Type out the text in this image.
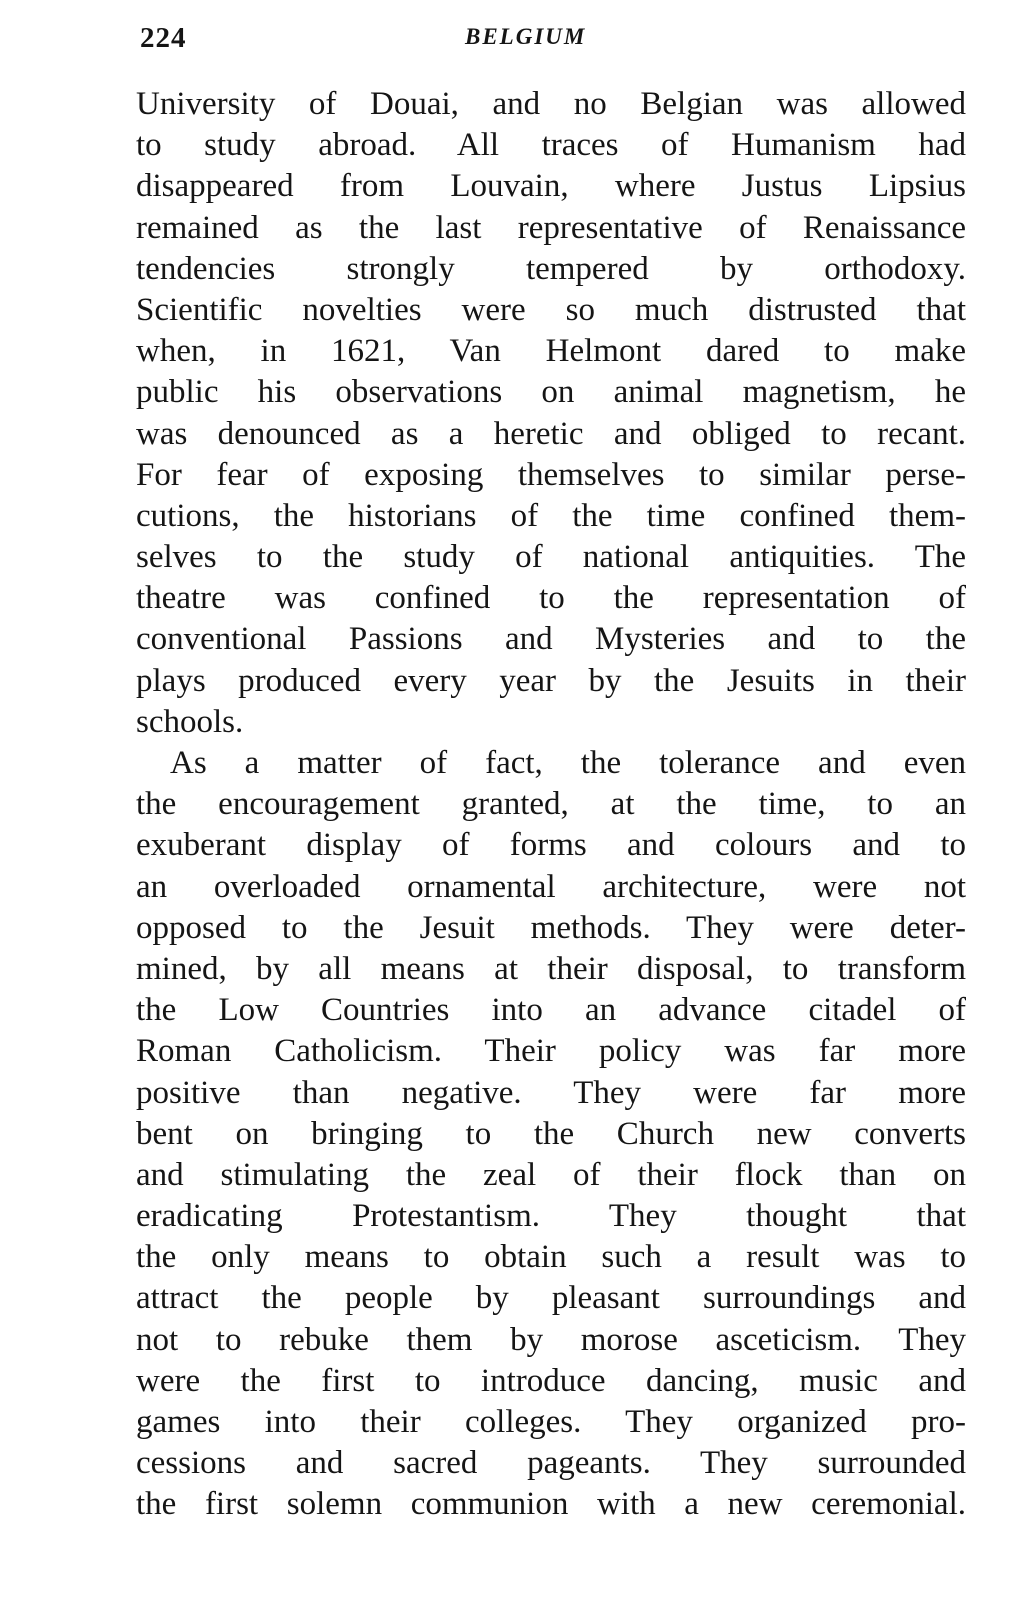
224	BELGIUM
University of Douai, and no Belgian was allowed
to study abroad. All traces of Humanism had
disappeared from Louvain, where Justus Lipsius
remained as the last representative of Renaissance
tendencies strongly tempered by orthodoxy.
Scientific novelties were so much distrusted that
when, in 1621, Van Helmont dared to make
public his observations on animal magnetism, he
was denounced as a heretic and obliged to recant.
For fear of exposing themselves to similar perse-
cutions, the historians of the time confined them-
selves to the study of national antiquities. The
theatre was confined to the representation of
conventional Passions and Mysteries and to the
plays produced every year by the Jesuits in their
schools.
As a matter of fact, the tolerance and even
the encouragement granted, at the time, to an
exuberant display of forms and colours and to
an overloaded ornamental architecture, were not
opposed to the Jesuit methods. They were deter-
mined, by all means at their disposal, to transform
the Low Countries into an advance citadel of
Roman Catholicism. Their policy was far more
positive than negative. They were far more
bent on bringing to the Church new converts
and stimulating the zeal of their flock than on
eradicating Protestantism. They thought that
the only means to obtain such a result was to
attract the people by pleasant surroundings and
not to rebuke them by morose asceticism. They
were the first to introduce dancing, music and
games into their colleges. They organized pro-
cessions and sacred pageants. They surrounded
the first solemn communion with a new ceremonial.
